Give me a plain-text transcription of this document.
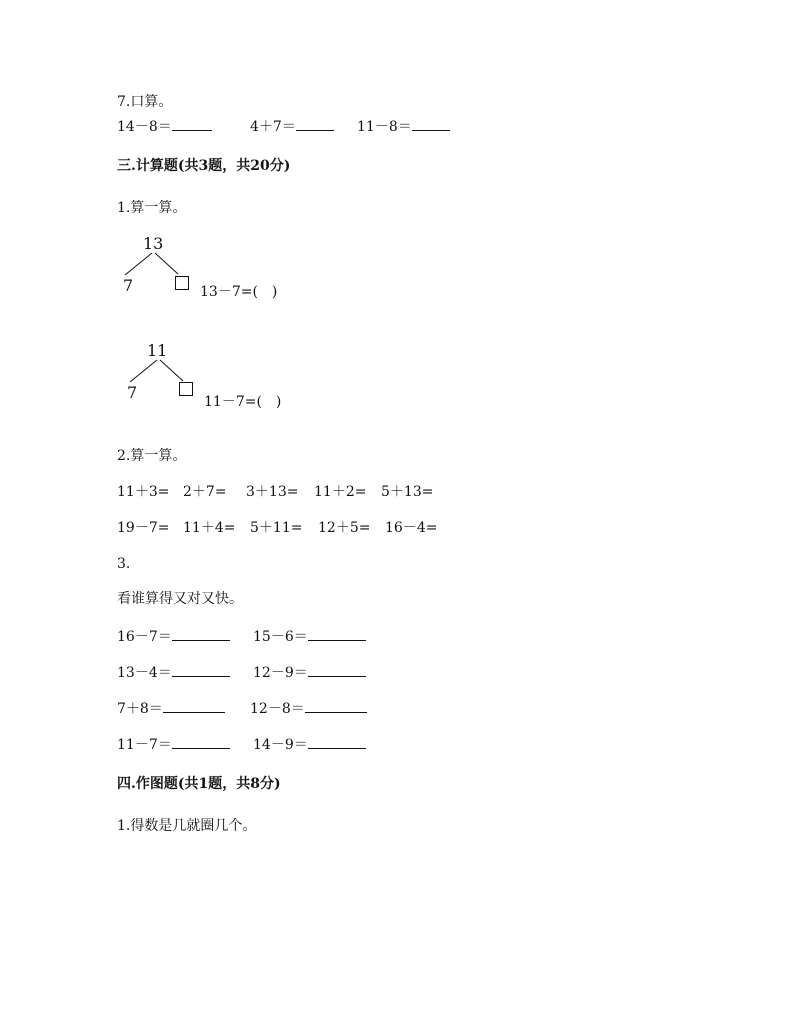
7.口算。
14－8＝	4＋7＝	11－8＝
三.计算题(共3题，共20分)
1.算一算。
13
7	13－7=(　)
11
7	11－7=(　)
2.算一算。
11＋3= 2＋7= 3＋13= 11＋2= 5＋13=
19－7= 11＋4= 5＋11= 12＋5= 16－4=
3.
看谁算得又对又快。
16－7＝	15－6＝
13－4＝	12－9＝
7＋8＝	12－8＝
11－7＝	14－9＝
四.作图题(共1题，共8分)
1.得数是几就圈几个。
